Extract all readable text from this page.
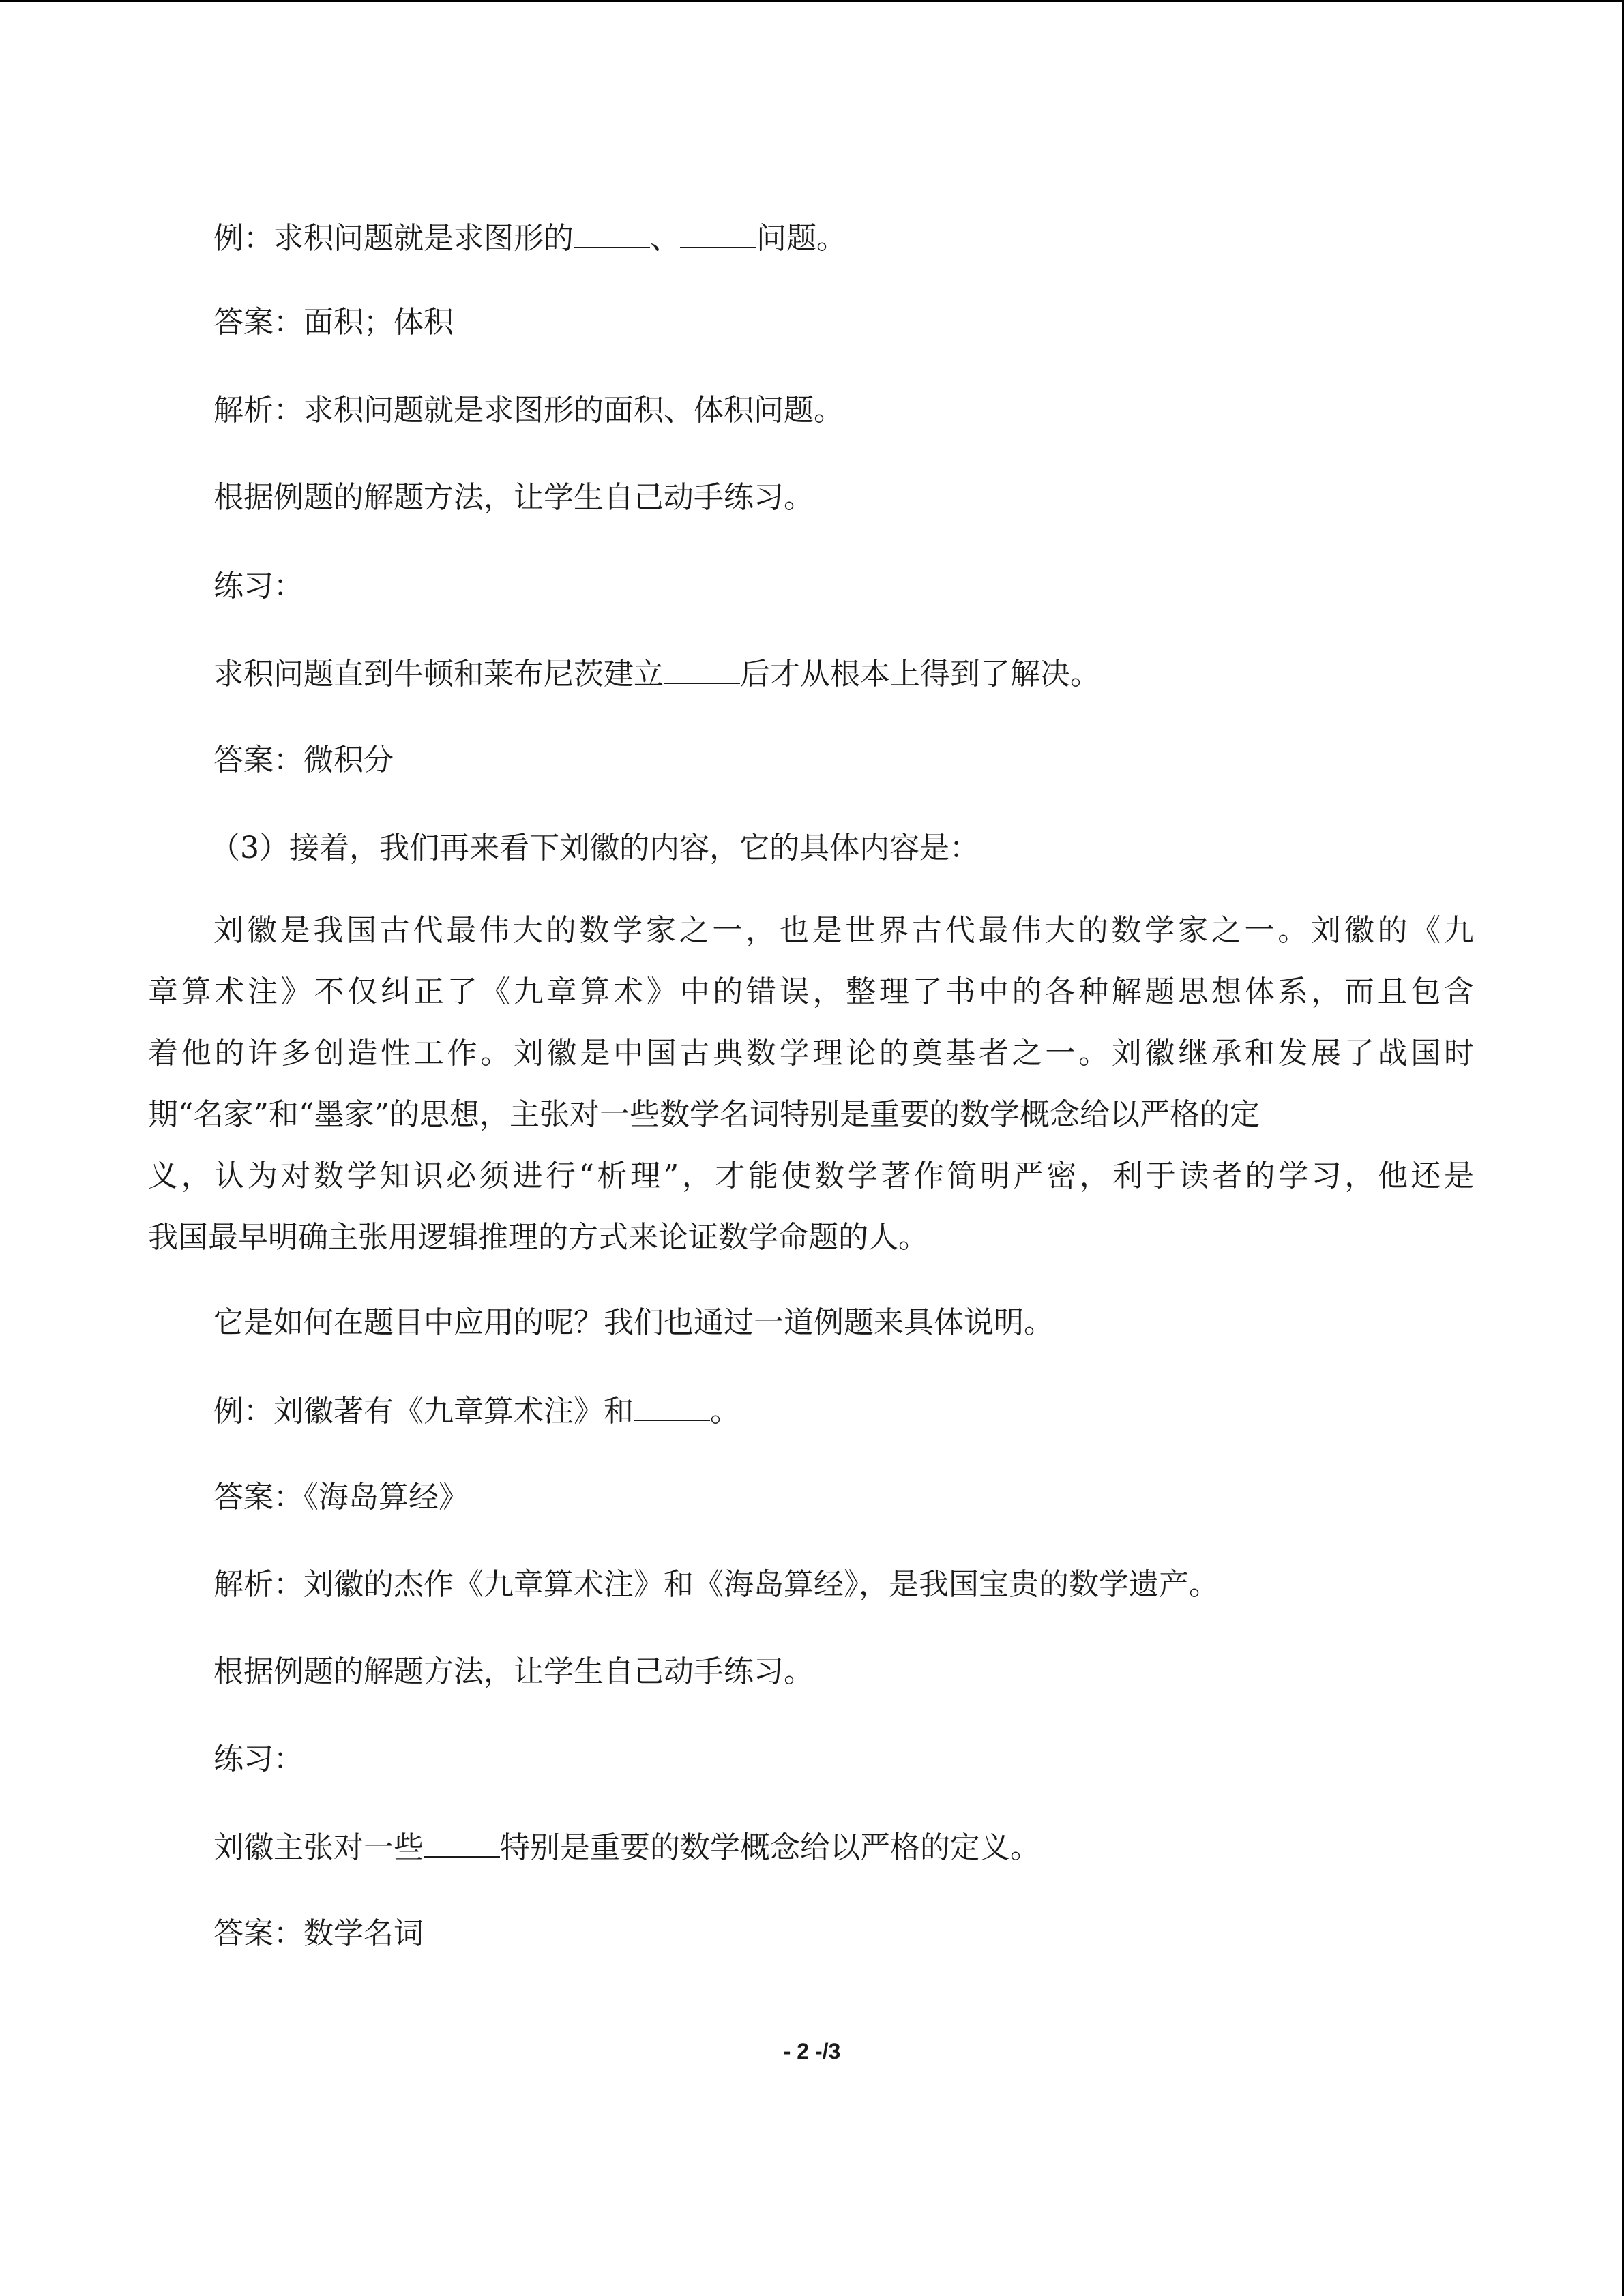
例：求积问题就是求图形的	、	问题。
答案：面积；体积
解析：求积问题就是求图形的面积、体积问题。
根据例题的解题方法，让学生自己动手练习。
练习：
求积问题直到牛顿和莱布尼茨建立	后才从根本上得到了解决。
答案：微积分
（3）接着，我们再来看下刘徽的内容，它的具体内容是：
刘徽是我国古代最伟大的数学家之一，也是世界古代最伟大的数学家之一。刘徽的《九
章算术注》不仅纠正了《九章算术》中的错误，整理了书中的各种解题思想体系，而且包含
着他的许多创造性工作。刘徽是中国古典数学理论的奠基者之一。刘徽继承和发展了战国时
期“名家”和“墨家”的思想，主张对一些数学名词特别是重要的数学概念给以严格的定
义，认为对数学知识必须进行“析理”，才能使数学著作简明严密，利于读者的学习，他还是
我国最早明确主张用逻辑推理的方式来论证数学命题的人。
它是如何在题目中应用的呢？我们也通过一道例题来具体说明。
例：刘徽著有《九章算术注》和	。
答案：《海岛算经》
解析：刘徽的杰作《九章算术注》和《海岛算经》，是我国宝贵的数学遗产。
根据例题的解题方法，让学生自己动手练习。
练习：
刘徽主张对一些	特别是重要的数学概念给以严格的定义。
答案：数学名词
- 2 -/3
